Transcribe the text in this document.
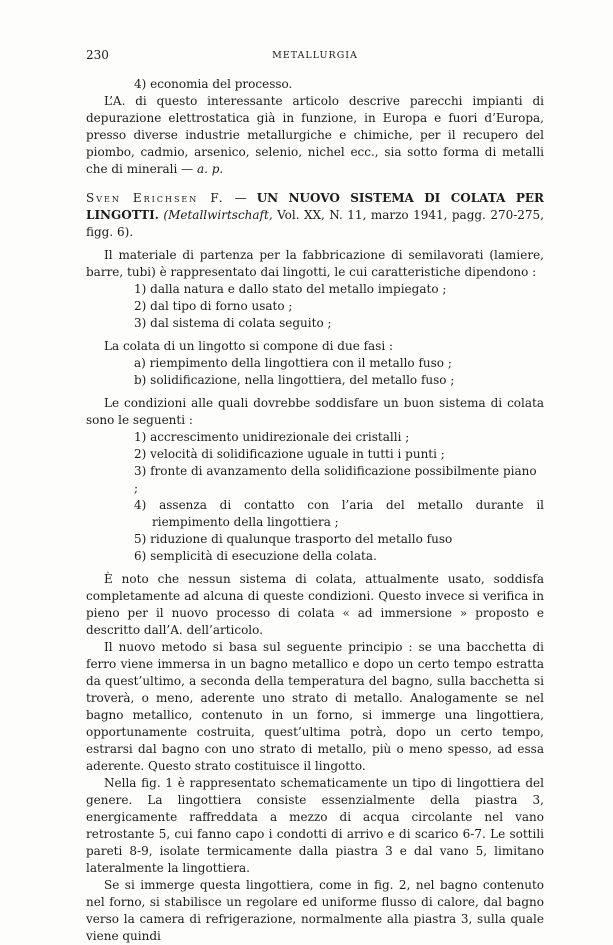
230	METALLURGIA

4) economia del processo.

L’A. di questo interessante articolo descrive parecchi impianti di depurazione elettrostatica già in funzione, in Europa e fuori d’Europa, presso diverse industrie metallurgiche e chimiche, per il recupero del piombo, cadmio, arsenico, selenio, nichel ecc., sia sotto forma di metalli che di minerali — a. p.

Sven Erichsen F. — UN NUOVO SISTEMA DI COLATA PER LINGOTTI. (Metallwirtschaft, Vol. XX, N. 11, marzo 1941, pagg. 270-275, figg. 6).

Il materiale di partenza per la fabbricazione di semilavorati (lamiere, barre, tubi) è rappresentato dai lingotti, le cui caratteristiche dipendono :

1) dalla natura e dallo stato del metallo impiegato ;

2) dal tipo di forno usato ;

3) dal sistema di colata seguito ;

La colata di un lingotto si compone di due fasi :

a) riempimento della lingottiera con il metallo fuso ;

b) solidificazione, nella lingottiera, del metallo fuso ;

Le condizioni alle quali dovrebbe soddisfare un buon sistema di colata sono le seguenti :

1) accrescimento unidirezionale dei cristalli ;

2) velocità di solidificazione uguale in tutti i punti ;

3) fronte di avanzamento della solidificazione possibilmente piano ;

4) assenza di contatto con l’aria del metallo durante il riempimento della lingottiera ;

5) riduzione di qualunque trasporto del metallo fuso

6) semplicità di esecuzione della colata.

È noto che nessun sistema di colata, attualmente usato, soddisfa completamente ad alcuna di queste condizioni. Questo invece si verifica in pieno per il nuovo processo di colata « ad immersione » proposto e descritto dall’A. dell’articolo.

Il nuovo metodo si basa sul seguente principio : se una bacchetta di ferro viene immersa in un bagno metallico e dopo un certo tempo estratta da quest’ultimo, a seconda della temperatura del bagno, sulla bacchetta si troverà, o meno, aderente uno strato di metallo. Analogamente se nel bagno metallico, contenuto in un forno, si immerge una lingottiera, opportunamente costruita, quest’ultima potrà, dopo un certo tempo, estrarsi dal bagno con uno strato di metallo, più o meno spesso, ad essa aderente. Questo strato costituisce il lingotto.

Nella fig. 1 è rappresentato schematicamente un tipo di lingottiera del genere. La lingottiera consiste essenzialmente della piastra 3, energicamente raffreddata a mezzo di acqua circolante nel vano retrostante 5, cui fanno capo i condotti di arrivo e di scarico 6-7. Le sottili pareti 8-9, isolate termicamente dalla piastra 3 e dal vano 5, limitano lateralmente la lingottiera.

Se si immerge questa lingottiera, come in fig. 2, nel bagno contenuto nel forno, si stabilisce un regolare ed uniforme flusso di calore, dal bagno verso la camera di refrigerazione, normalmente alla piastra 3, sulla quale viene quindi
